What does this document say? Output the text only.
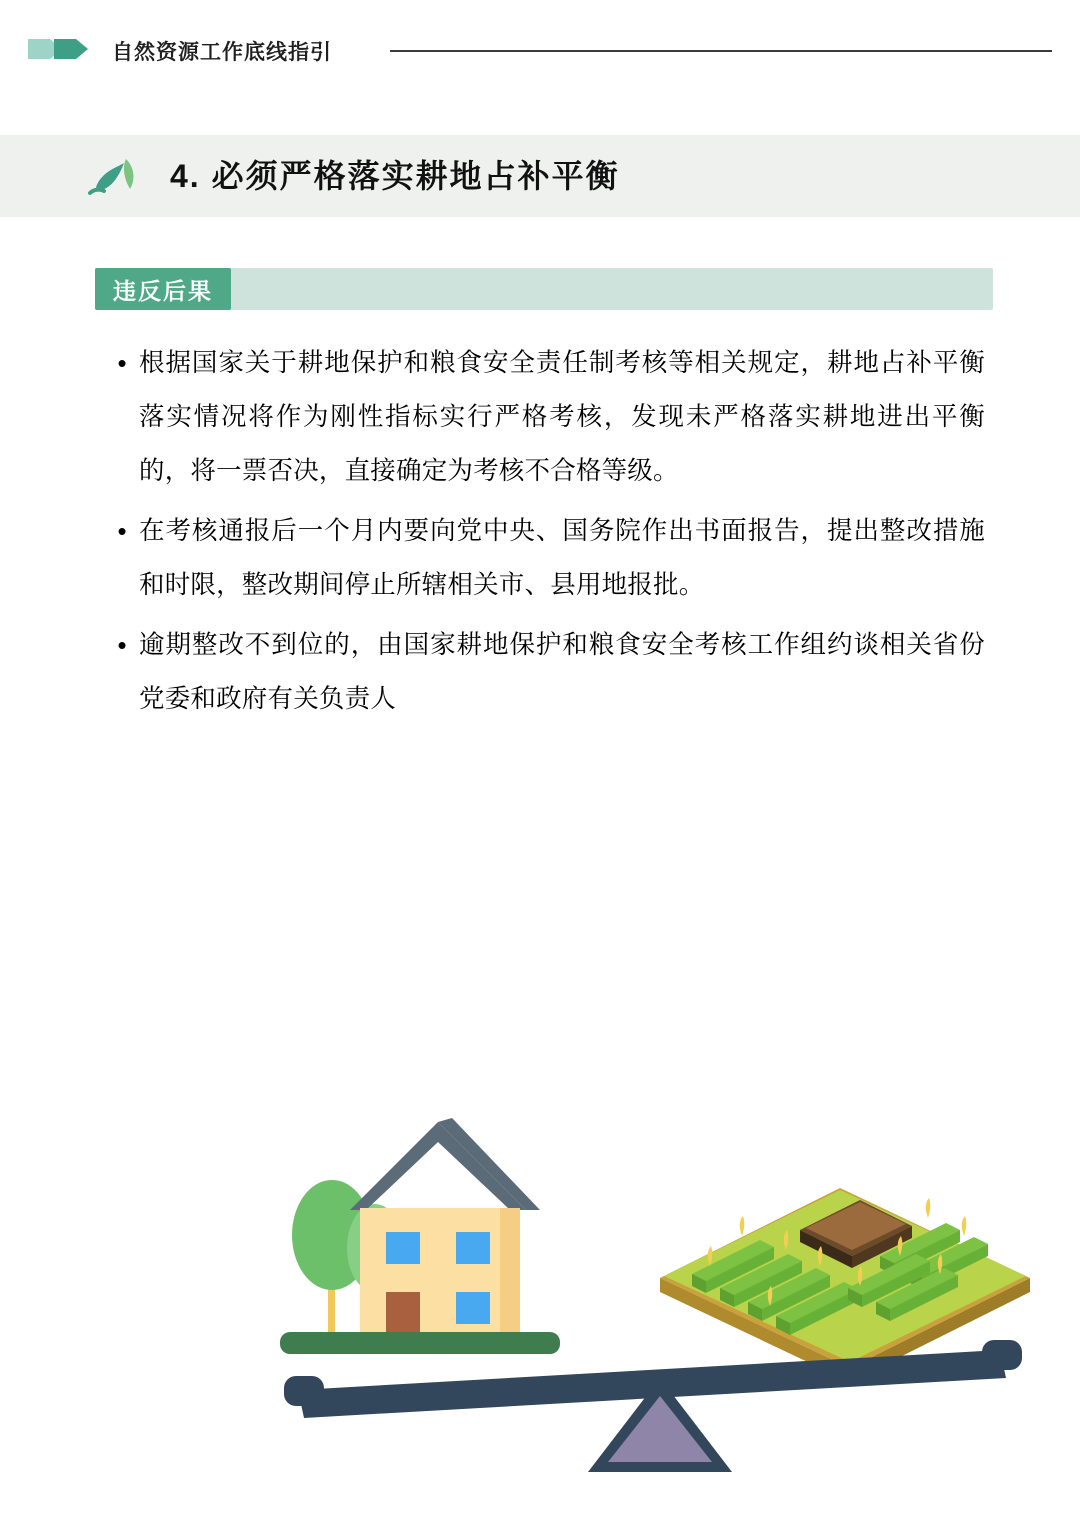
自然资源工作底线指引
4. 必须严格落实耕地占补平衡
违反后果
• 根据国家关于耕地保护和粮食安全责任制考核等相关规定，耕地占补平衡落实情况将作为刚性指标实行严格考核，发现未严格落实耕地进出平衡的，将一票否决，直接确定为考核不合格等级。
• 在考核通报后一个月内要向党中央、国务院作出书面报告，提出整改措施和时限，整改期间停止所辖相关市、县用地报批。
• 逾期整改不到位的，由国家耕地保护和粮食安全考核工作组约谈相关省份党委和政府有关负责人
